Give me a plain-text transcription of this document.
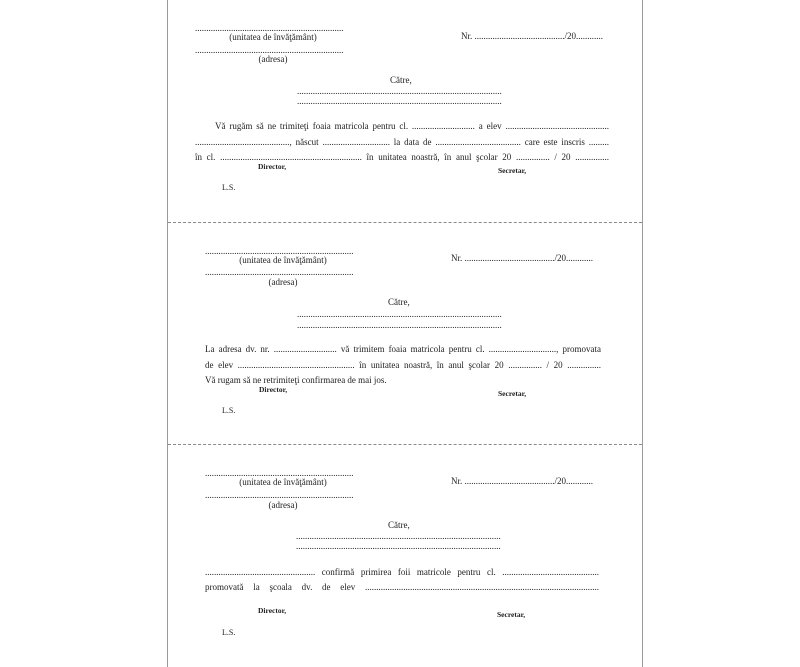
..................................................................
(unitatea de învăţământ)
..................................................................
(adresa)
Nr. ......................................../20............
Către,
...........................................................................................
...........................................................................................
Vă rugăm să ne trimiteţi foaia matricola pentru cl. ............................ a elev ..............................................
.........................................., născut .............................. la data de ...................................... care este inscris .........
în cl. ............................................................... în unitatea noastră, în anul şcolar 20 ............... / 20 ...............
Director,	Secretar,
L.S.
..................................................................
(unitatea de învăţământ)
..................................................................
(adresa)
Nr. ......................................../20............
Către,
...........................................................................................
...........................................................................................
La adresa dv. nr. ............................ vă trimitem foaia matricola pentru cl. .............................., promovata
de elev .................................................... în unitatea noastră, în anul şcolar 20 ............... / 20 ...............
Vă rugam să ne retrimiteţi confirmarea de mai jos.
Director,	Secretar,
L.S.
..................................................................
(unitatea de învăţământ)
..................................................................
(adresa)
Nr. ......................................../20............
Către,
...........................................................................................
...........................................................................................
................................................. confirmă primirea foii matricole pentru cl. ...........................................
promovată la şcoala dv. de elev ........................................................................................................
Director,	Secretar,
L.S.
